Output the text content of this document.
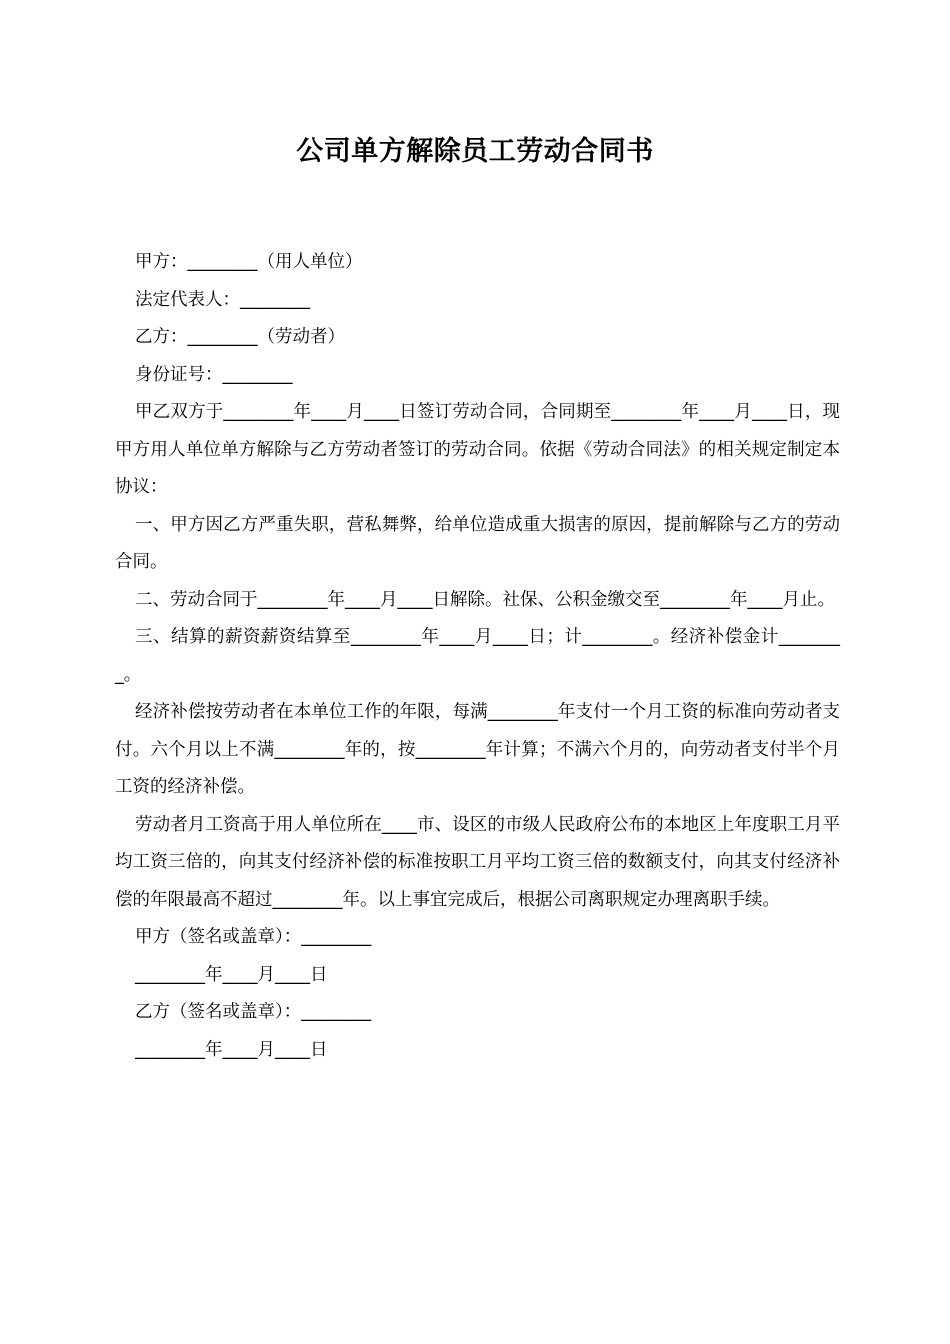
公司单方解除员工劳动合同书

甲方：________（用人单位）

法定代表人：________

乙方：________（劳动者）

身份证号：________

甲乙双方于________年____月____日签订劳动合同，合同期至________年____月____日，现甲方用人单位单方解除与乙方劳动者签订的劳动合同。依据《劳动合同法》的相关规定制定本协议：

一、甲方因乙方严重失职，营私舞弊，给单位造成重大损害的原因，提前解除与乙方的劳动合同。

二、劳动合同于________年____月____日解除。社保、公积金缴交至________年____月止。

三、结算的薪资薪资结算至________年____月____日；计________。经济补偿金计________。

经济补偿按劳动者在本单位工作的年限，每满________年支付一个月工资的标准向劳动者支付。六个月以上不满________年的，按________年计算；不满六个月的，向劳动者支付半个月工资的经济补偿。

劳动者月工资高于用人单位所在____市、设区的市级人民政府公布的本地区上年度职工月平均工资三倍的，向其支付经济补偿的标准按职工月平均工资三倍的数额支付，向其支付经济补偿的年限最高不超过________年。以上事宜完成后，根据公司离职规定办理离职手续。

甲方（签名或盖章）：________

________年____月____日

乙方（签名或盖章）：________

________年____月____日
